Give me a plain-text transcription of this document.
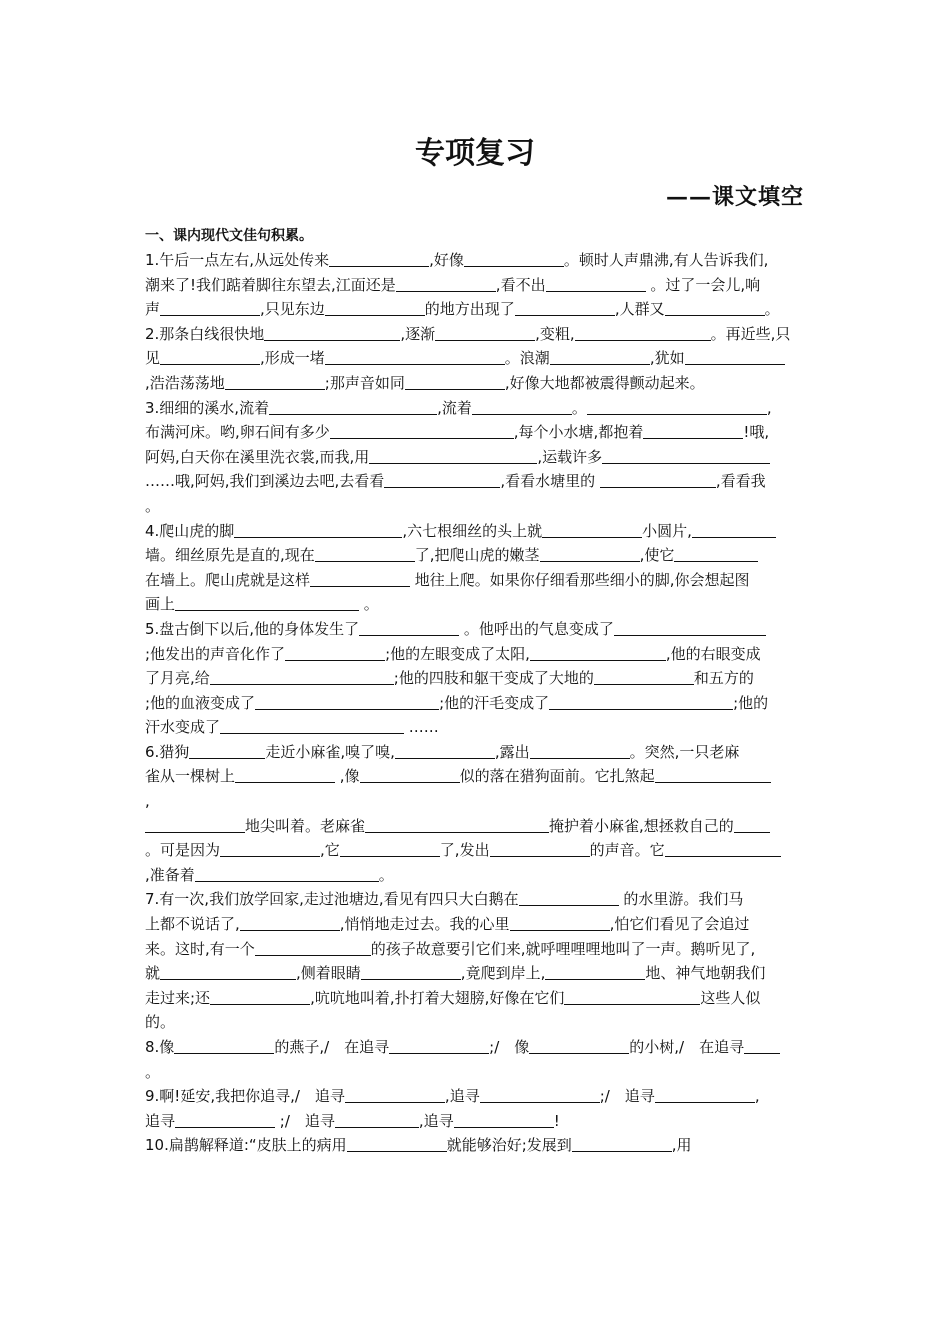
专项复习
——课文填空
一、课内现代文佳句积累。
1.午后一点左右,从远处传来	,好像	。顿时人声鼎沸,有人告诉我们,
潮来了!我们踮着脚往东望去,江面还是	,看不出	。过了一会儿,响
声	,只见东边	的地方出现了	,人群又	。
2.那条白线很快地	,逐渐	,变粗,	。再近些,只
见	,形成一堵	。浪潮	,犹如
,浩浩荡荡地	;那声音如同	,好像大地都被震得颤动起来。
3.细细的溪水,流着	,流着	。	,
布满河床。哟,卵石间有多少	,每个小水塘,都抱着	!哦,
阿妈,白天你在溪里洗衣裳,而我,用	,运载许多
……哦,阿妈,我们到溪边去吧,去看看	,看看水塘里的	,看看我
。
4.爬山虎的脚	,六七根细丝的头上就	小圆片,
墙。细丝原先是直的,现在	了,把爬山虎的嫩茎	,使它
在墙上。爬山虎就是这样	地往上爬。如果你仔细看那些细小的脚,你会想起图
画上	。
5.盘古倒下以后,他的身体发生了	。他呼出的气息变成了
;他发出的声音化作了	;他的左眼变成了太阳,	,他的右眼变成
了月亮,给	;他的四肢和躯干变成了大地的	和五方的
;他的血液变成了	;他的汗毛变成了	;他的
汗水变成了	……
6.猎狗	走近小麻雀,嗅了嗅,	,露出	。突然,一只老麻
雀从一棵树上	,像	似的落在猎狗面前。它扎煞起
,
地尖叫着。老麻雀	掩护着小麻雀,想拯救自己的
。可是因为	,它	了,发出	的声音。它
,准备着	。
7.有一次,我们放学回家,走过池塘边,看见有四只大白鹅在	的水里游。我们马
上都不说话了,	,悄悄地走过去。我的心里	,怕它们看见了会追过
来。这时,有一个	的孩子故意要引它们来,就呼哩哩哩地叫了一声。鹅听见了,
就	,侧着眼睛	,竟爬到岸上,	地、神气地朝我们
走过来;还	,吭吭地叫着,扑打着大翅膀,好像在它们	这些人似
的。
8.像	的燕子,/　在追寻	;/　像	的小树,/　在追寻
。
9.啊!延安,我把你追寻,/　追寻	,追寻	;/　追寻	,
追寻	;/　追寻	,追寻	!
10.扁鹊解释道:“皮肤上的病用	就能够治好;发展到	,用
